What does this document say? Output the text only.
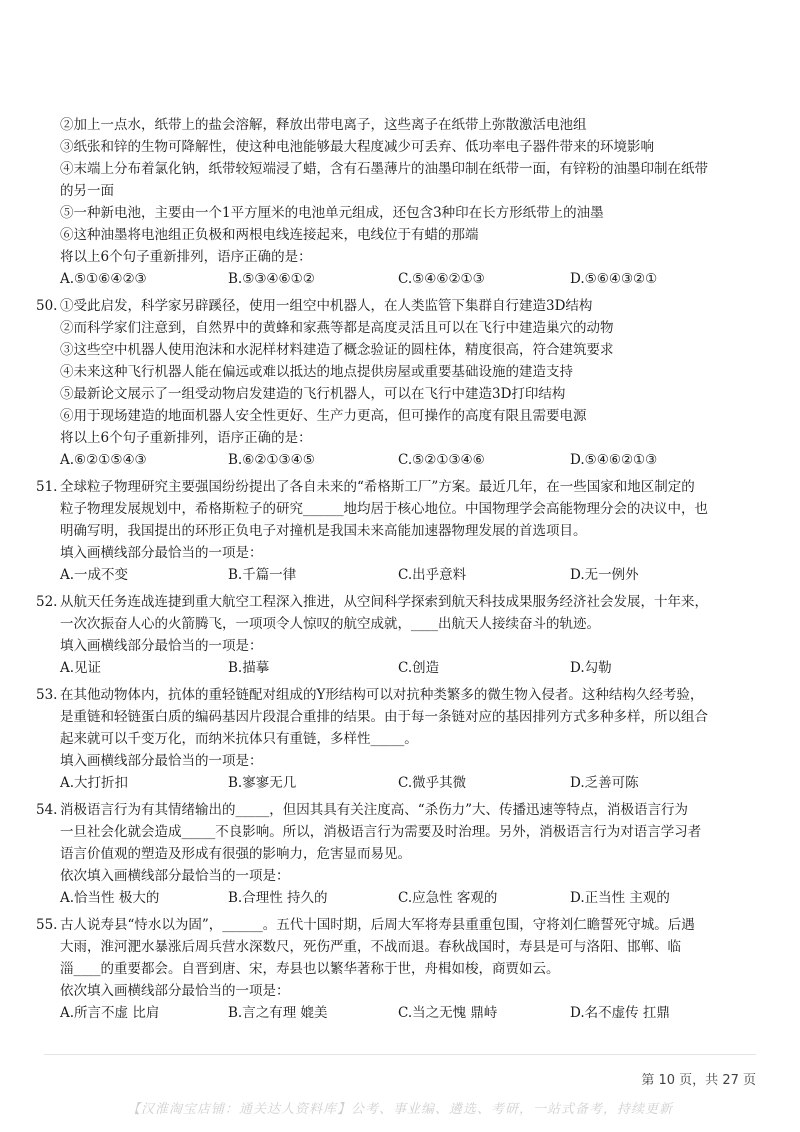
②加上一点水，纸带上的盐会溶解，释放出带电离子，这些离子在纸带上弥散激活电池组
③纸张和锌的生物可降解性，使这种电池能够最大程度减少可丢弃、低功率电子器件带来的环境影响
④末端上分布着氯化钠，纸带较短端浸了蜡，含有石墨薄片的油墨印制在纸带一面，有锌粉的油墨印制在纸带
的另一面
⑤一种新电池，主要由一个1平方厘米的电池单元组成，还包含3种印在长方形纸带上的油墨
⑥这种油墨将电池组正负极和两根电线连接起来，电线位于有蜡的那端
将以上6个句子重新排列，语序正确的是：
A.⑤①⑥④②③	B.⑤③④⑥①②	C.⑤④⑥②①③	D.⑤⑥④③②①
50. ①受此启发，科学家另辟蹊径，使用一组空中机器人，在人类监管下集群自行建造3D结构
②而科学家们注意到，自然界中的黄蜂和家燕等都是高度灵活且可以在飞行中建造巢穴的动物
③这些空中机器人使用泡沫和水泥样材料建造了概念验证的圆柱体，精度很高，符合建筑要求
④未来这种飞行机器人能在偏远或难以抵达的地点提供房屋或重要基础设施的建造支持
⑤最新论文展示了一组受动物启发建造的飞行机器人，可以在飞行中建造3D打印结构
⑥用于现场建造的地面机器人安全性更好、生产力更高，但可操作的高度有限且需要电源
将以上6个句子重新排列，语序正确的是：
A.⑥②①⑤④③	B.⑥②①③④⑤	C.⑤②①③④⑥	D.⑤④⑥②①③
51. 全球粒子物理研究主要强国纷纷提出了各自未来的“希格斯工厂”方案。最近几年，在一些国家和地区制定的
粒子物理发展规划中，希格斯粒子的研究______地均居于核心地位。中国物理学会高能物理分会的决议中，也
明确写明，我国提出的环形正负电子对撞机是我国未来高能加速器物理发展的首选项目。
填入画横线部分最恰当的一项是：
A.一成不变	B.千篇一律	C.出乎意料	D.无一例外
52. 从航天任务连战连捷到重大航空工程深入推进，从空间科学探索到航天科技成果服务经济社会发展，十年来，
一次次振奋人心的火箭腾飞，一项项令人惊叹的航空成就，____出航天人接续奋斗的轨迹。
填入画横线部分最恰当的一项是：
A.见证	B.描摹	C.创造	D.勾勒
53. 在其他动物体内，抗体的重轻链配对组成的Y形结构可以对抗种类繁多的微生物入侵者。这种结构久经考验，
是重链和轻链蛋白质的编码基因片段混合重排的结果。由于每一条链对应的基因排列方式多种多样，所以组合
起来就可以千变万化，而纳米抗体只有重链，多样性_____。
填入画横线部分最恰当的一项是：
A.大打折扣	B.寥寥无几	C.微乎其微	D.乏善可陈
54. 消极语言行为有其情绪输出的_____，但因其具有关注度高、“杀伤力”大、传播迅速等特点，消极语言行为
一旦社会化就会造成_____不良影响。所以，消极语言行为需要及时治理。另外，消极语言行为对语言学习者
语言价值观的塑造及形成有很强的影响力，危害显而易见。
依次填入画横线部分最恰当的一项是：
A.恰当性 极大的	B.合理性 持久的	C.应急性 客观的	D.正当性 主观的
55. 古人说寿县“恃水以为固”，______。五代十国时期，后周大军将寿县重重包围，守将刘仁瞻誓死守城。后遇
大雨，淮河淝水暴涨后周兵营水深数尺，死伤严重，不战而退。春秋战国时，寿县是可与洛阳、邯郸、临
淄____的重要都会。自晋到唐、宋，寿县也以繁华著称于世，舟楫如梭，商贾如云。
依次填入画横线部分最恰当的一项是：
A.所言不虚 比肩	B.言之有理 媲美	C.当之无愧 鼎峙	D.名不虚传 扛鼎
第 10 页，共 27 页
【汉淮淘宝店铺：通关达人资料库】公考、事业编、遴选、考研，一站式备考，持续更新
